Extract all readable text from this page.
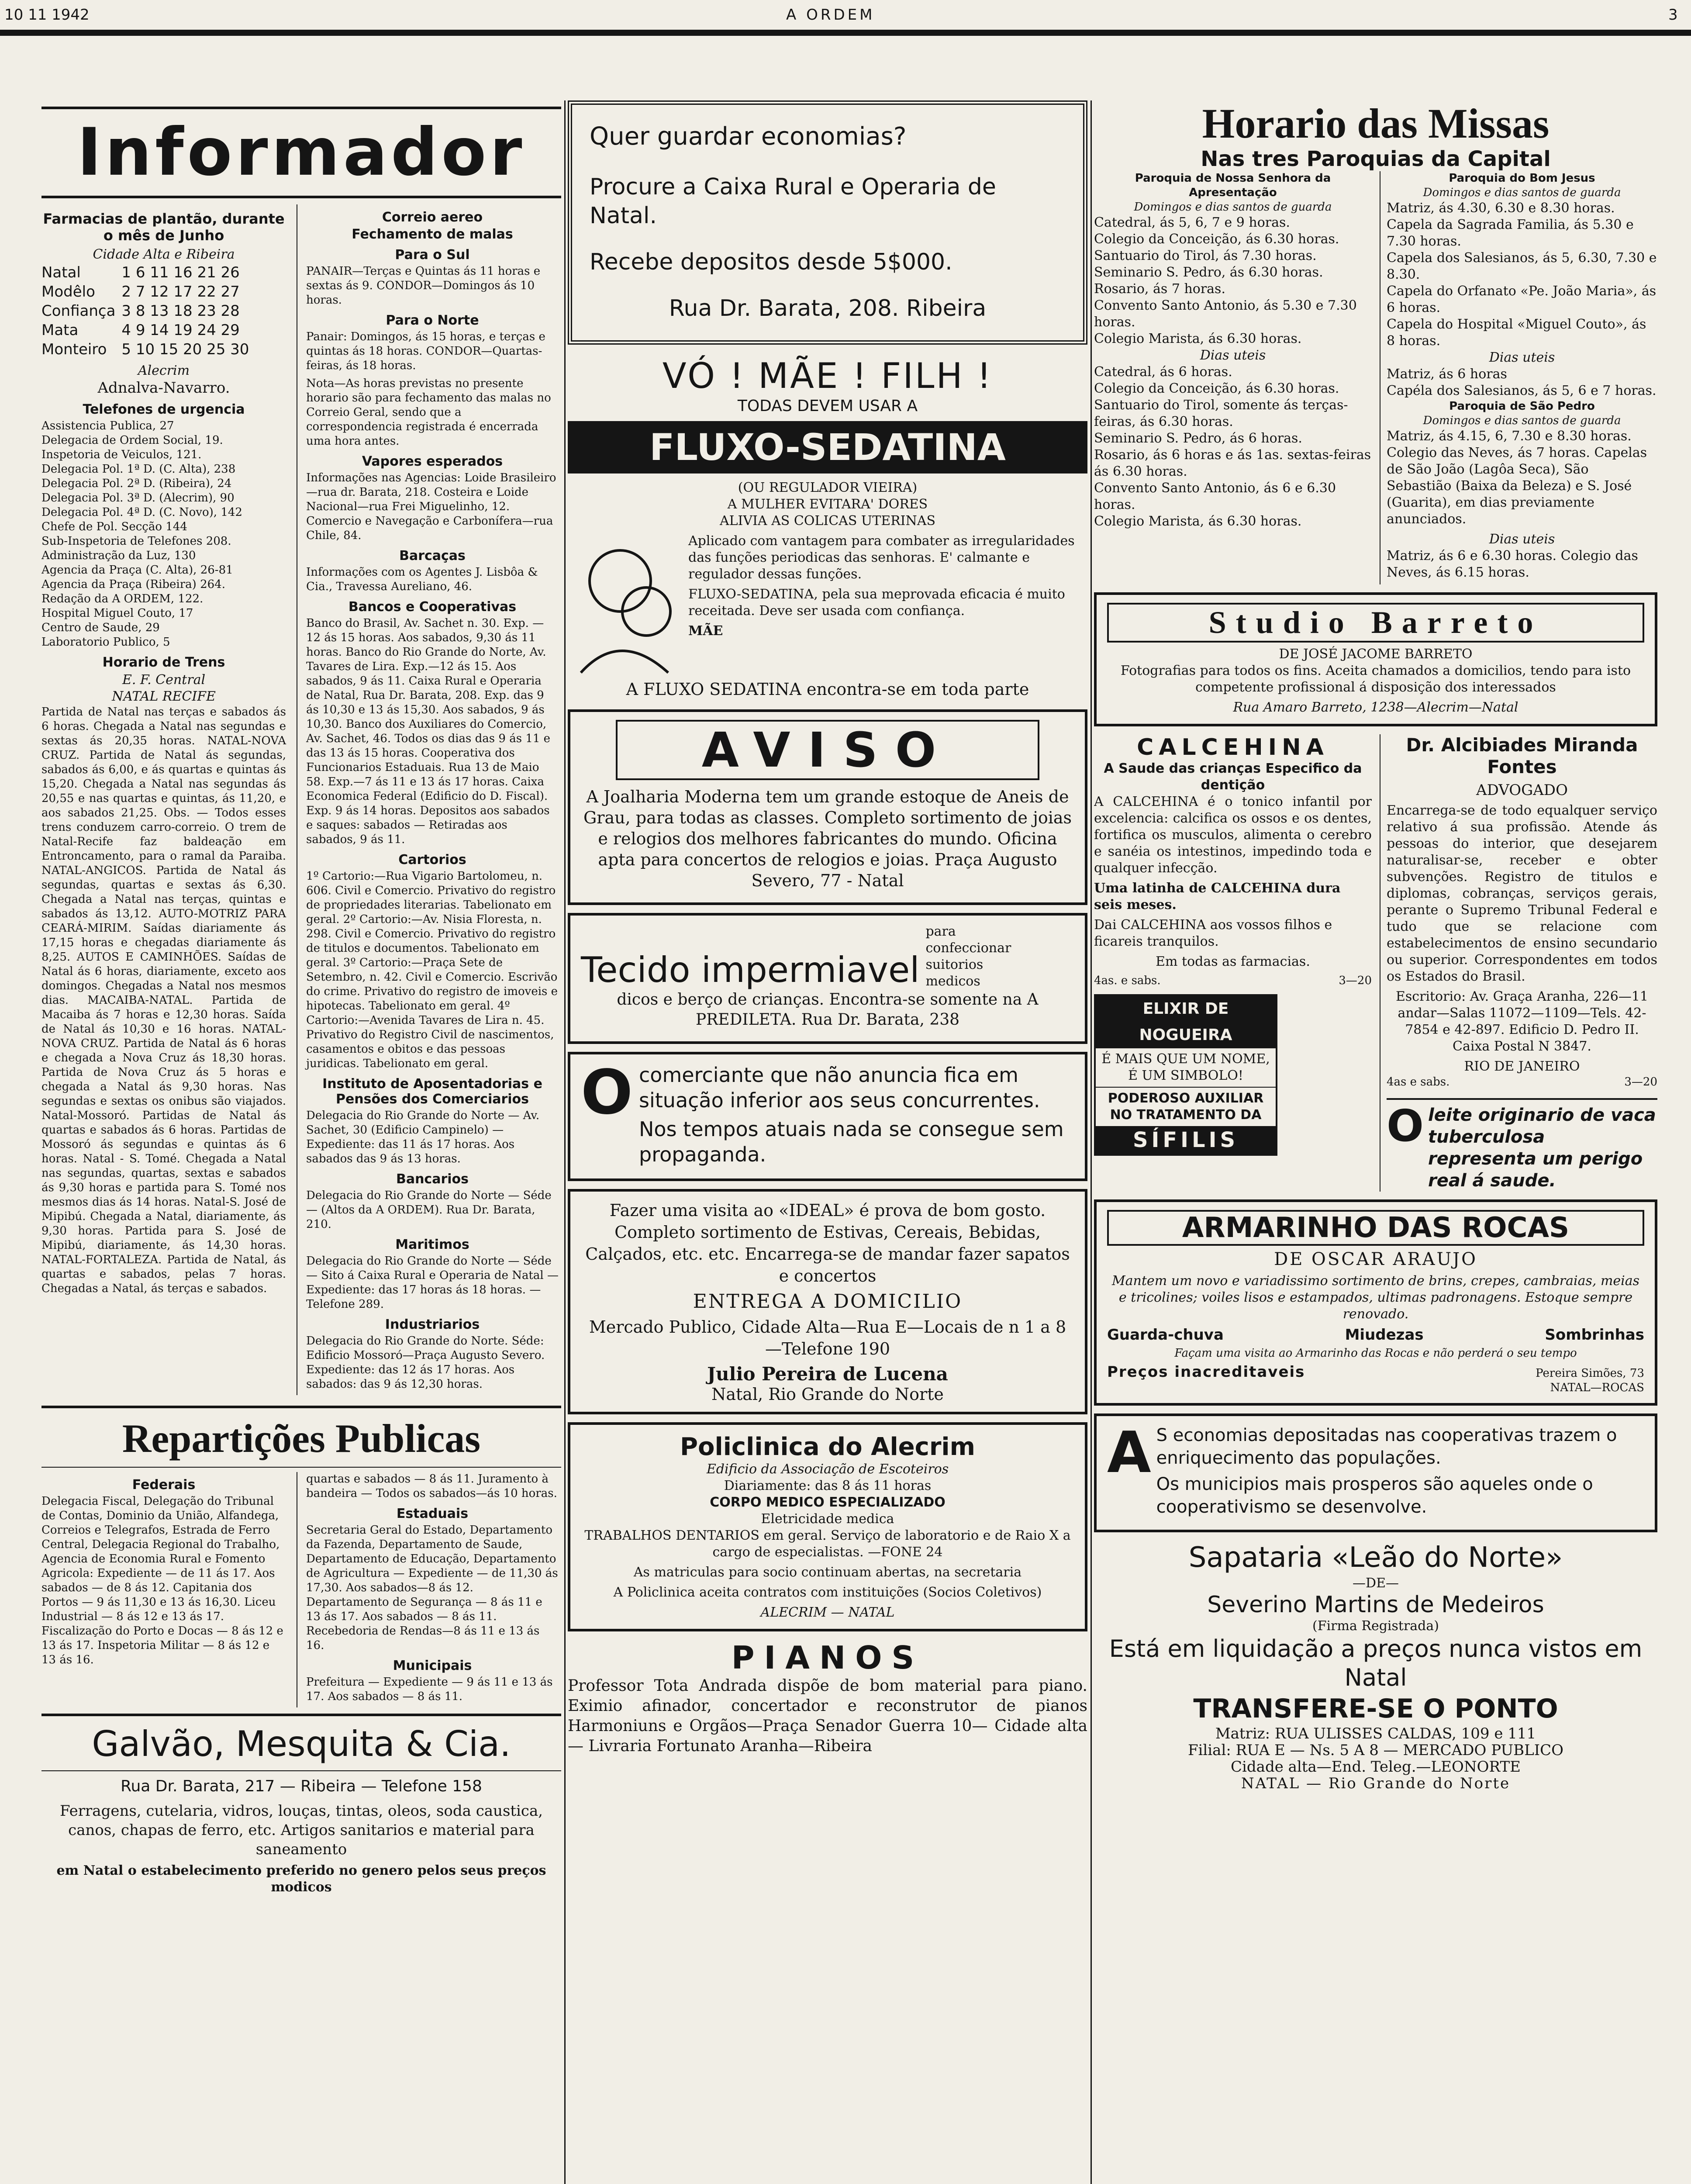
10 11 1942	A ORDEM	3
Informador
Farmacias de plantão, durante o mês de Junho
Cidade Alta e Ribeira
Natal	1 6 11 16 21 26
Modêlo	2 7 12 17 22 27
Confiança	3 8 13 18 23 28
Mata	4 9 14 19 24 29
Monteiro	5 10 15 20 25 30
Alecrim
Adnalva-Navarro.
Telefones de urgencia
Assistencia Publica, 27
Delegacia de Ordem Social, 19.
Inspetoria de Veiculos, 121.
Delegacia Pol. 1ª D. (C. Alta), 238
Delegacia Pol. 2ª D. (Ribeira), 24
Delegacia Pol. 3ª D. (Alecrim), 90
Delegacia Pol. 4ª D. (C. Novo), 142
Chefe de Pol. Secção 144
Sub-Inspetoria de Telefones 208.
Administração da Luz, 130
Agencia da Praça (C. Alta), 26-81
Agencia da Praça (Ribeira) 264.
Redação da A ORDEM, 122.
Hospital Miguel Couto, 17
Centro de Saude, 29
Laboratorio Publico, 5
Horario de Trens
E. F. Central
NATAL RECIFE

Partida de Natal nas terças e sabados ás 6 horas. Chegada a Natal nas segundas e sextas ás 20,35 horas. NATAL-NOVA CRUZ. Partida de Natal ás segundas, sabados ás 6,00, e ás quartas e quintas ás 15,20. Chegada a Natal nas segundas ás 20,55 e nas quartas e quintas, ás 11,20, e aos sabados 21,25. Obs. — Todos esses trens conduzem carro-correio. O trem de Natal-Recife faz baldeação em Entroncamento, para o ramal da Paraiba. NATAL-ANGICOS. Partida de Natal ás segundas, quartas e sextas ás 6,30. Chegada a Natal nas terças, quintas e sabados ás 13,12. AUTO-MOTRIZ PARA CEARÁ-MIRIM. Saídas diariamente ás 17,15 horas e chegadas diariamente ás 8,25. AUTOS E CAMINHÕES. Saídas de Natal ás 6 horas, diariamente, exceto aos domingos. Chegadas a Natal nos mesmos dias. MACAIBA-NATAL. Partida de Macaiba ás 7 horas e 12,30 horas. Saída de Natal ás 10,30 e 16 horas. NATAL-NOVA CRUZ. Partida de Natal ás 6 horas e chegada a Nova Cruz ás 18,30 horas. Partida de Nova Cruz ás 5 horas e chegada a Natal ás 9,30 horas. Nas segundas e sextas os onibus são viajados. Natal-Mossoró. Partidas de Natal ás quartas e sabados ás 6 horas. Partidas de Mossoró ás segundas e quintas ás 6 horas. Natal - S. Tomé. Chegada a Natal nas segundas, quartas, sextas e sabados ás 9,30 horas e partida para S. Tomé nos mesmos dias ás 14 horas. Natal-S. José de Mipibú. Chegada a Natal, diariamente, ás 9,30 horas. Partida para S. José de Mipibú, diariamente, ás 14,30 horas. NATAL-FORTALEZA. Partida de Natal, ás quartas e sabados, pelas 7 horas. Chegadas a Natal, ás terças e sabados.

Correio aereo
Fechamento de malas
Para o Sul

PANAIR—Terças e Quintas ás 11 horas e sextas ás 9. CONDOR—Domingos ás 10 horas.

Para o Norte

Panair: Domingos, ás 15 horas, e terças e quintas ás 18 horas. CONDOR—Quartas-feiras, ás 18 horas.

Nota—As horas previstas no presente horario são para fechamento das malas no Correio Geral, sendo que a correspondencia registrada é encerrada uma hora antes.

Vapores esperados

Informações nas Agencias: Loide Brasileiro—rua dr. Barata, 218. Costeira e Loide Nacional—rua Frei Miguelinho, 12. Comercio e Navegação e Carbonífera—rua Chile, 84.

Barcaças

Informações com os Agentes J. Lisbôa & Cia., Travessa Aureliano, 46.

Bancos e Cooperativas

Banco do Brasil, Av. Sachet n. 30. Exp. — 12 ás 15 horas. Aos sabados, 9,30 ás 11 horas. Banco do Rio Grande do Norte, Av. Tavares de Lira. Exp.—12 ás 15. Aos sabados, 9 ás 11. Caixa Rural e Operaria de Natal, Rua Dr. Barata, 208. Exp. das 9 ás 10,30 e 13 ás 15,30. Aos sabados, 9 ás 10,30. Banco dos Auxiliares do Comercio, Av. Sachet, 46. Todos os dias das 9 ás 11 e das 13 ás 15 horas. Cooperativa dos Funcionarios Estaduais. Rua 13 de Maio 58. Exp.—7 ás 11 e 13 ás 17 horas. Caixa Economica Federal (Edificio do D. Fiscal). Exp. 9 ás 14 horas. Depositos aos sabados e saques: sabados — Retiradas aos sabados, 9 ás 11.

Cartorios

1º Cartorio:—Rua Vigario Bartolomeu, n. 606. Civil e Comercio. Privativo do registro de propriedades literarias. Tabelionato em geral. 2º Cartorio:—Av. Nisia Floresta, n. 298. Civil e Comercio. Privativo do registro de titulos e documentos. Tabelionato em geral. 3º Cartorio:—Praça Sete de Setembro, n. 42. Civil e Comercio. Escrivão do crime. Privativo do registro de imoveis e hipotecas. Tabelionato em geral. 4º Cartorio:—Avenida Tavares de Lira n. 45. Privativo do Registro Civil de nascimentos, casamentos e obitos e das pessoas juridicas. Tabelionato em geral.

Instituto de Aposentadorias e Pensões dos Comerciarios

Delegacia do Rio Grande do Norte — Av. Sachet, 30 (Edificio Campinelo) — Expediente: das 11 ás 17 horas. Aos sabados das 9 ás 13 horas.

Bancarios

Delegacia do Rio Grande do Norte — Séde — (Altos da A ORDEM). Rua Dr. Barata, 210.

Maritimos

Delegacia do Rio Grande do Norte — Séde — Sito á Caixa Rural e Operaria de Natal — Expediente: das 17 horas ás 18 horas. — Telefone 289.

Industriarios

Delegacia do Rio Grande do Norte. Séde: Edificio Mossoró—Praça Augusto Severo. Expediente: das 12 ás 17 horas. Aos sabados: das 9 ás 12,30 horas.

Repartições Publicas
Federais

Delegacia Fiscal, Delegação do Tribunal de Contas, Dominio da União, Alfandega, Correios e Telegrafos, Estrada de Ferro Central, Delegacia Regional do Trabalho, Agencia de Economia Rural e Fomento Agricola: Expediente — de 11 ás 17. Aos sabados — de 8 ás 12. Capitania dos Portos — 9 ás 11,30 e 13 ás 16,30. Liceu Industrial — 8 ás 12 e 13 ás 17. Fiscalização do Porto e Docas — 8 ás 12 e 13 ás 17. Inspetoria Militar — 8 ás 12 e 13 ás 16.

quartas e sabados — 8 ás 11. Juramento à bandeira — Todos os sabados—ás 10 horas.

Estaduais

Secretaria Geral do Estado, Departamento da Fazenda, Departamento de Saude, Departamento de Educação, Departamento de Agricultura — Expediente — de 11,30 ás 17,30. Aos sabados—8 ás 12. Departamento de Segurança — 8 ás 11 e 13 ás 17. Aos sabados — 8 ás 11. Recebedoria de Rendas—8 ás 11 e 13 ás 16.

Municipais

Prefeitura — Expediente — 9 ás 11 e 13 ás 17. Aos sabados — 8 ás 11.

Galvão, Mesquita & Cia.
Rua Dr. Barata, 217 — Ribeira — Telefone 158

Ferragens, cutelaria, vidros, louças, tintas, oleos, soda caustica, canos, chapas de ferro, etc. Artigos sanitarios e material para saneamento

em Natal o estabelecimento preferido no genero pelos seus preços modicos

Quer guardar economias?
Procure a Caixa Rural e Operaria de Natal.
Recebe depositos desde 5$000.
Rua Dr. Barata, 208. Ribeira
VÓ ! MÃE ! FILH !
TODAS DEVEM USAR A
FLUXO-SEDATINA
(OU REGULADOR VIEIRA)
A MULHER EVITARA' DORES
ALIVIA AS COLICAS UTERINAS

Aplicado com vantagem para combater as irregularidades das funções periodicas das senhoras. E' calmante e regulador dessas funções.

FLUXO-SEDATINA, pela sua meprovada eficacia é muito receitada. Deve ser usada com confiança.

MÃE
A FLUXO SEDATINA encontra-se em toda parte
AVISO

A Joalharia Moderna tem um grande estoque de Aneis de Grau, para todas as classes. Completo sortimento de joias e relogios dos melhores fabricantes do mundo. Oficina apta para concertos de relogios e joias. Praça Augusto Severo, 77 - Natal

Tecido impermiavel
para confeccionar suitorios medicos

dicos e berço de crianças. Encontra-se somente na A PREDILETA. Rua Dr. Barata, 238

O comerciante que não anuncia fica em situação inferior aos seus concurrentes.

Nos tempos atuais nada se consegue sem propaganda.

Fazer uma visita ao «IDEAL» é prova de bom gosto. Completo sortimento de Estivas, Cereais, Bebidas, Calçados, etc. etc. Encarrega-se de mandar fazer sapatos e concertos

ENTREGA A DOMICILIO

Mercado Publico, Cidade Alta—Rua E—Locais de n 1 a 8—Telefone 190

Julio Pereira de Lucena
Natal, Rio Grande do Norte
Policlinica do Alecrim
Edificio da Associação de Escoteiros
Diariamente: das 8 ás 11 horas
CORPO MEDICO ESPECIALIZADO
Eletricidade medica

TRABALHOS DENTARIOS em geral. Serviço de laboratorio e de Raio X a cargo de especialistas. —FONE 24

As matriculas para socio continuam abertas, na secretaria

A Policlinica aceita contratos com instituições (Socios Coletivos)

ALECRIM — NATAL
PIANOS

Professor Tota Andrada dispõe de bom material para piano. Eximio afinador, concertador e reconstrutor de pianos Harmoniuns e Orgãos—Praça Senador Guerra 10— Cidade alta— Livraria Fortunato Aranha—Ribeira

Horario das Missas
Nas tres Paroquias da Capital
Paroquia de Nossa Senhora da Apresentação
Domingos e dias santos de guarda
Catedral, ás 5, 6, 7 e 9 horas.
Colegio da Conceição, ás 6.30 horas.
Santuario do Tirol, ás 7.30 horas.
Seminario S. Pedro, ás 6.30 horas.
Rosario, ás 7 horas.
Convento Santo Antonio, ás 5.30 e 7.30 horas.
Colegio Marista, ás 6.30 horas.
Dias uteis
Catedral, ás 6 horas.
Colegio da Conceição, ás 6.30 horas.
Santuario do Tirol, somente ás terças-feiras, ás 6.30 horas.
Seminario S. Pedro, ás 6 horas.
Rosario, ás 6 horas e ás 1as. sextas-feiras ás 6.30 horas.
Convento Santo Antonio, ás 6 e 6.30 horas.
Colegio Marista, ás 6.30 horas.
Paroquia do Bom Jesus
Domingos e dias santos de guarda
Matriz, ás 4.30, 6.30 e 8.30 horas.
Capela da Sagrada Familia, ás 5.30 e 7.30 horas.
Capela dos Salesianos, ás 5, 6.30, 7.30 e 8.30.
Capela do Orfanato «Pe. João Maria», ás 6 horas.
Capela do Hospital «Miguel Couto», ás 8 horas.
Dias uteis
Matriz, ás 6 horas
Capéla dos Salesianos, ás 5, 6 e 7 horas.
Paroquia de São Pedro
Domingos e dias santos de guarda

Matriz, ás 4.15, 6, 7.30 e 8.30 horas. Colegio das Neves, ás 7 horas. Capelas de São João (Lagôa Seca), São Sebastião (Baixa da Beleza) e S. José (Guarita), em dias previamente anunciados.

Dias uteis

Matriz, ás 6 e 6.30 horas. Colegio das Neves, ás 6.15 horas.

Studio Barreto
DE JOSÉ JACOME BARRETO

Fotografias para todos os fins. Aceita chamados a domicilios, tendo para isto competente profissional á disposição dos interessados

Rua Amaro Barreto, 1238—Alecrim—Natal
CALCEHINA
A Saude das crianças Especifico da dentição

A CALCEHINA é o tonico infantil por excelencia: calcifica os ossos e os dentes, fortifica os musculos, alimenta o cerebro e sanéia os intestinos, impedindo toda e qualquer infecção.

Uma latinha de CALCEHINA dura seis meses.

Dai CALCEHINA aos vossos filhos e ficareis tranquilos.

Em todas as farmacias.

4as. e sabs.	3—20
ELIXIR DE NOGUEIRA
É MAIS QUE UM NOME, É UM SIMBOLO!
PODEROSO AUXILIAR NO TRATAMENTO DA
SÍFILIS
Dr. Alcibiades Miranda Fontes
ADVOGADO

Encarrega-se de todo equalquer serviço relativo á sua profissão. Atende ás pessoas do interior, que desejarem naturalisar-se, receber e obter subvenções. Registro de titulos e diplomas, cobranças, serviços gerais, perante o Supremo Tribunal Federal e tudo que se relacione com estabelecimentos de ensino secundario ou superior. Correspondentes em todos os Estados do Brasil.

Escritorio: Av. Graça Aranha, 226—11 andar—Salas 11072—1109—Tels. 42-7854 e 42-897. Edificio D. Pedro II. Caixa Postal N 3847.

RIO DE JANEIRO
4as e sabs.	3—20
O leite originario de vaca tuberculosa representa um perigo real á saude.
ARMARINHO DAS ROCAS
DE OSCAR ARAUJO

Mantem um novo e variadissimo sortimento de brins, crepes, cambraias, meias e tricolines; voiles lisos e estampados, ultimas padronagens. Estoque sempre renovado.

Guarda-chuva	Miudezas	Sombrinhas
Façam uma visita ao Armarinho das Rocas e não perderá o seu tempo
Preços inacreditaveis	Pereira Simões, 73 NATAL—ROCAS
A S economias depositadas nas cooperativas trazem o enriquecimento das populações.

Os municipios mais prosperos são aqueles onde o cooperativismo se desenvolve.

Sapataria «Leão do Norte»
—DE—
Severino Martins de Medeiros
(Firma Registrada)
Está em liquidação a preços nunca vistos em Natal
TRANSFERE-SE O PONTO
Matriz: RUA ULISSES CALDAS, 109 e 111
Filial: RUA E — Ns. 5 A 8 — MERCADO PUBLICO
Cidade alta—End. Teleg.—LEONORTE
NATAL — Rio Grande do Norte
